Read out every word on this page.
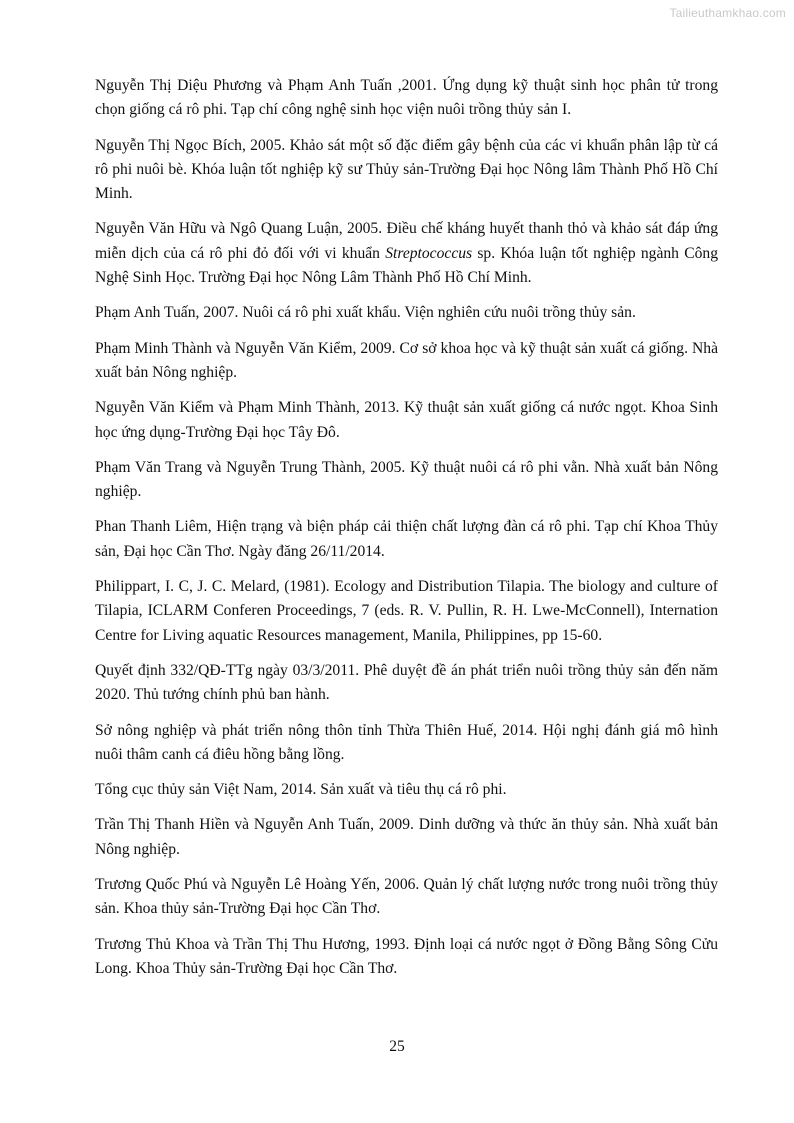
Tailieuthamkhao.com

Nguyễn Thị Diệu Phương và Phạm Anh Tuấn ,2001. Ứng dụng kỹ thuật sinh học phân tử trong chọn giống cá rô phi. Tạp chí công nghệ sinh học viện nuôi trồng thủy sản I.

Nguyễn Thị Ngọc Bích, 2005. Khảo sát một số đặc điểm gây bệnh của các vi khuẩn phân lập từ cá rô phi nuôi bè. Khóa luận tốt nghiệp kỹ sư Thủy sản-Trường Đại học Nông lâm Thành Phố Hồ Chí Minh.

Nguyễn Văn Hữu và Ngô Quang Luận, 2005. Điều chế kháng huyết thanh thỏ và khảo sát đáp ứng miễn dịch của cá rô phi đỏ đối với vi khuẩn Streptococcus sp. Khóa luận tốt nghiệp ngành Công Nghệ Sinh Học. Trường Đại học Nông Lâm Thành Phố Hồ Chí Minh.

Phạm Anh Tuấn, 2007. Nuôi cá rô phi xuất khẩu. Viện nghiên cứu nuôi trồng thủy sản.

Phạm Minh Thành và Nguyễn Văn Kiểm, 2009. Cơ sở khoa học và kỹ thuật sản xuất cá giống. Nhà xuất bản Nông nghiệp.

Nguyễn Văn Kiểm và Phạm Minh Thành, 2013. Kỹ thuật sản xuất giống cá nước ngọt. Khoa Sinh học ứng dụng-Trường Đại học Tây Đô.

Phạm Văn Trang và Nguyễn Trung Thành, 2005. Kỹ thuật nuôi cá rô phi vằn. Nhà xuất bản Nông nghiệp.

Phan Thanh Liêm, Hiện trạng và biện pháp cải thiện chất lượng đàn cá rô phi. Tạp chí Khoa Thủy sản, Đại học Cần Thơ. Ngày đăng 26/11/2014.

Philippart, I. C, J. C. Melard, (1981). Ecology and Distribution Tilapia. The biology and culture of Tilapia, ICLARM Conferen Proceedings, 7 (eds. R. V. Pullin, R. H. Lwe-McConnell), Internation Centre for Living aquatic Resources management, Manila, Philippines, pp 15-60.

Quyết định 332/QĐ-TTg ngày 03/3/2011. Phê duyệt đề án phát triển nuôi trồng thủy sản đến năm 2020. Thủ tướng chính phủ ban hành.

Sở nông nghiệp và phát triển nông thôn tỉnh Thừa Thiên Huế, 2014. Hội nghị đánh giá mô hình nuôi thâm canh cá điêu hồng bằng lồng.

Tổng cục thủy sản Việt Nam, 2014. Sản xuất và tiêu thụ cá rô phi.

Trần Thị Thanh Hiền và Nguyễn Anh Tuấn, 2009. Dinh dưỡng và thức ăn thủy sản. Nhà xuất bản Nông nghiệp.

Trương Quốc Phú và Nguyễn Lê Hoàng Yến, 2006. Quản lý chất lượng nước trong nuôi trồng thủy sản. Khoa thủy sản-Trường Đại học Cần Thơ.

Trương Thủ Khoa và Trần Thị Thu Hương, 1993. Định loại cá nước ngọt ở Đồng Bằng Sông Cửu Long. Khoa Thủy sản-Trường Đại học Cần Thơ.

25
